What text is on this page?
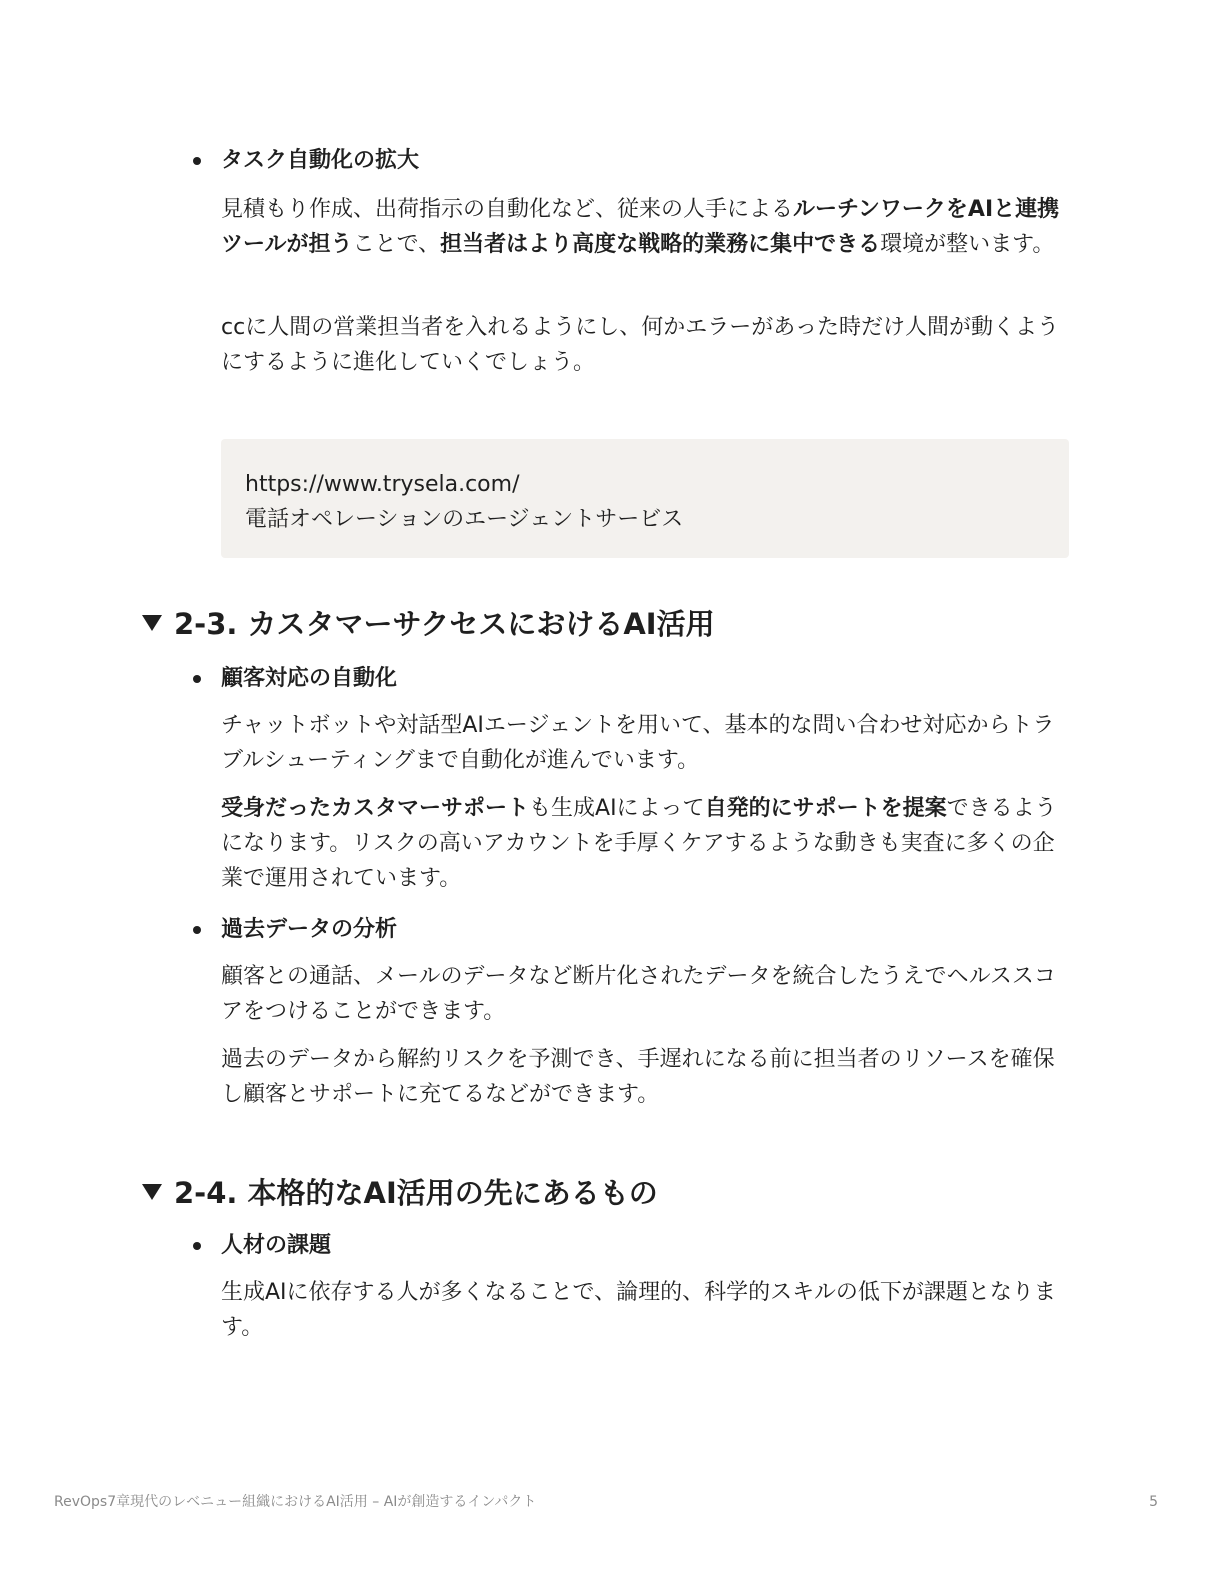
タスク自動化の拡大

見積もり作成、出荷指示の自動化など、従来の人手によるルーチンワークをAIと連携ツールが担うことで、担当者はより高度な戦略的業務に集中できる環境が整います。

ccに人間の営業担当者を入れるようにし、何かエラーがあった時だけ人間が動くようにするように進化していくでしょう。

https://www.trysela.com/

電話オペレーションのエージェントサービス

2-3. カスタマーサクセスにおけるAI活用

顧客対応の自動化

チャットボットや対話型AIエージェントを用いて、基本的な問い合わせ対応からトラブルシューティングまで自動化が進んでいます。

受身だったカスタマーサポートも生成AIによって自発的にサポートを提案できるようになります。リスクの高いアカウントを手厚くケアするような動きも実査に多くの企業で運用されています。

過去データの分析

顧客との通話、メールのデータなど断片化されたデータを統合したうえでヘルススコアをつけることができます。

過去のデータから解約リスクを予測でき、手遅れになる前に担当者のリソースを確保し顧客とサポートに充てるなどができます。

2-4. 本格的なAI活用の先にあるもの

人材の課題

生成AIに依存する人が多くなることで、論理的、科学的スキルの低下が課題となります。

RevOps7章現代のレベニュー組織におけるAI活用 – AIが創造するインパクト	5
